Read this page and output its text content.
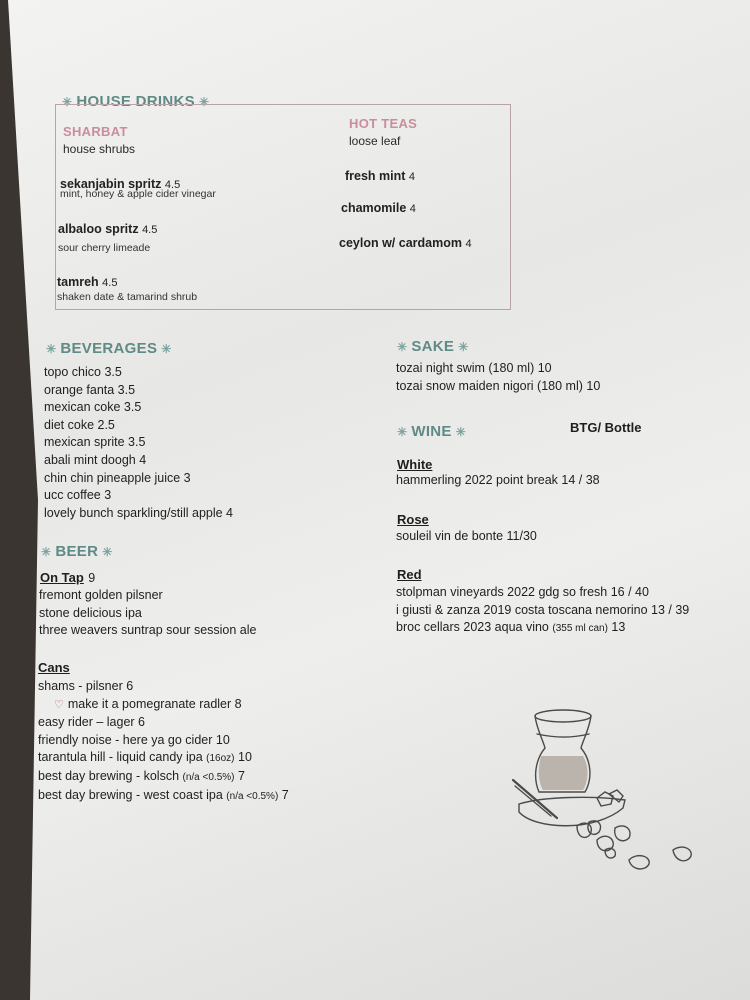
✳ HOUSE DRINKS ✳
SHARBAT
house shrubs
sekanjabin spritz 4.5
mint, honey & apple cider vinegar
albaloo spritz 4.5
sour cherry limeade
tamreh 4.5
shaken date & tamarind shrub
HOT TEAS
loose leaf
fresh mint 4
chamomile 4
ceylon w/ cardamom 4
✳ BEVERAGES ✳
topo chico 3.5
orange fanta 3.5
mexican coke 3.5
diet coke 2.5
mexican sprite 3.5
abali mint doogh 4
chin chin pineapple juice 3
ucc coffee 3
lovely bunch sparkling/still apple 4
✳ BEER ✳
On Tap 9
fremont golden pilsner
stone delicious ipa
three weavers suntrap sour session ale
Cans
shams - pilsner 6
♡ make it a pomegranate radler 8
easy rider – lager 6
friendly noise - here ya go cider 10
tarantula hill - liquid candy ipa (16oz) 10
best day brewing - kolsch (n/a <0.5%) 7
best day brewing - west coast ipa (n/a <0.5%) 7
✳ SAKE ✳
tozai night swim (180 ml) 10
tozai snow maiden nigori (180 ml) 10
✳ WINE ✳	BTG/ Bottle
White
hammerling 2022 point break 14 / 38
Rose
souleil vin de bonte 11/30
Red
stolpman vineyards 2022 gdg so fresh 16 / 40
i giusti & zanza 2019 costa toscana nemorino 13 / 39
broc cellars 2023 aqua vino (355 ml can) 13
